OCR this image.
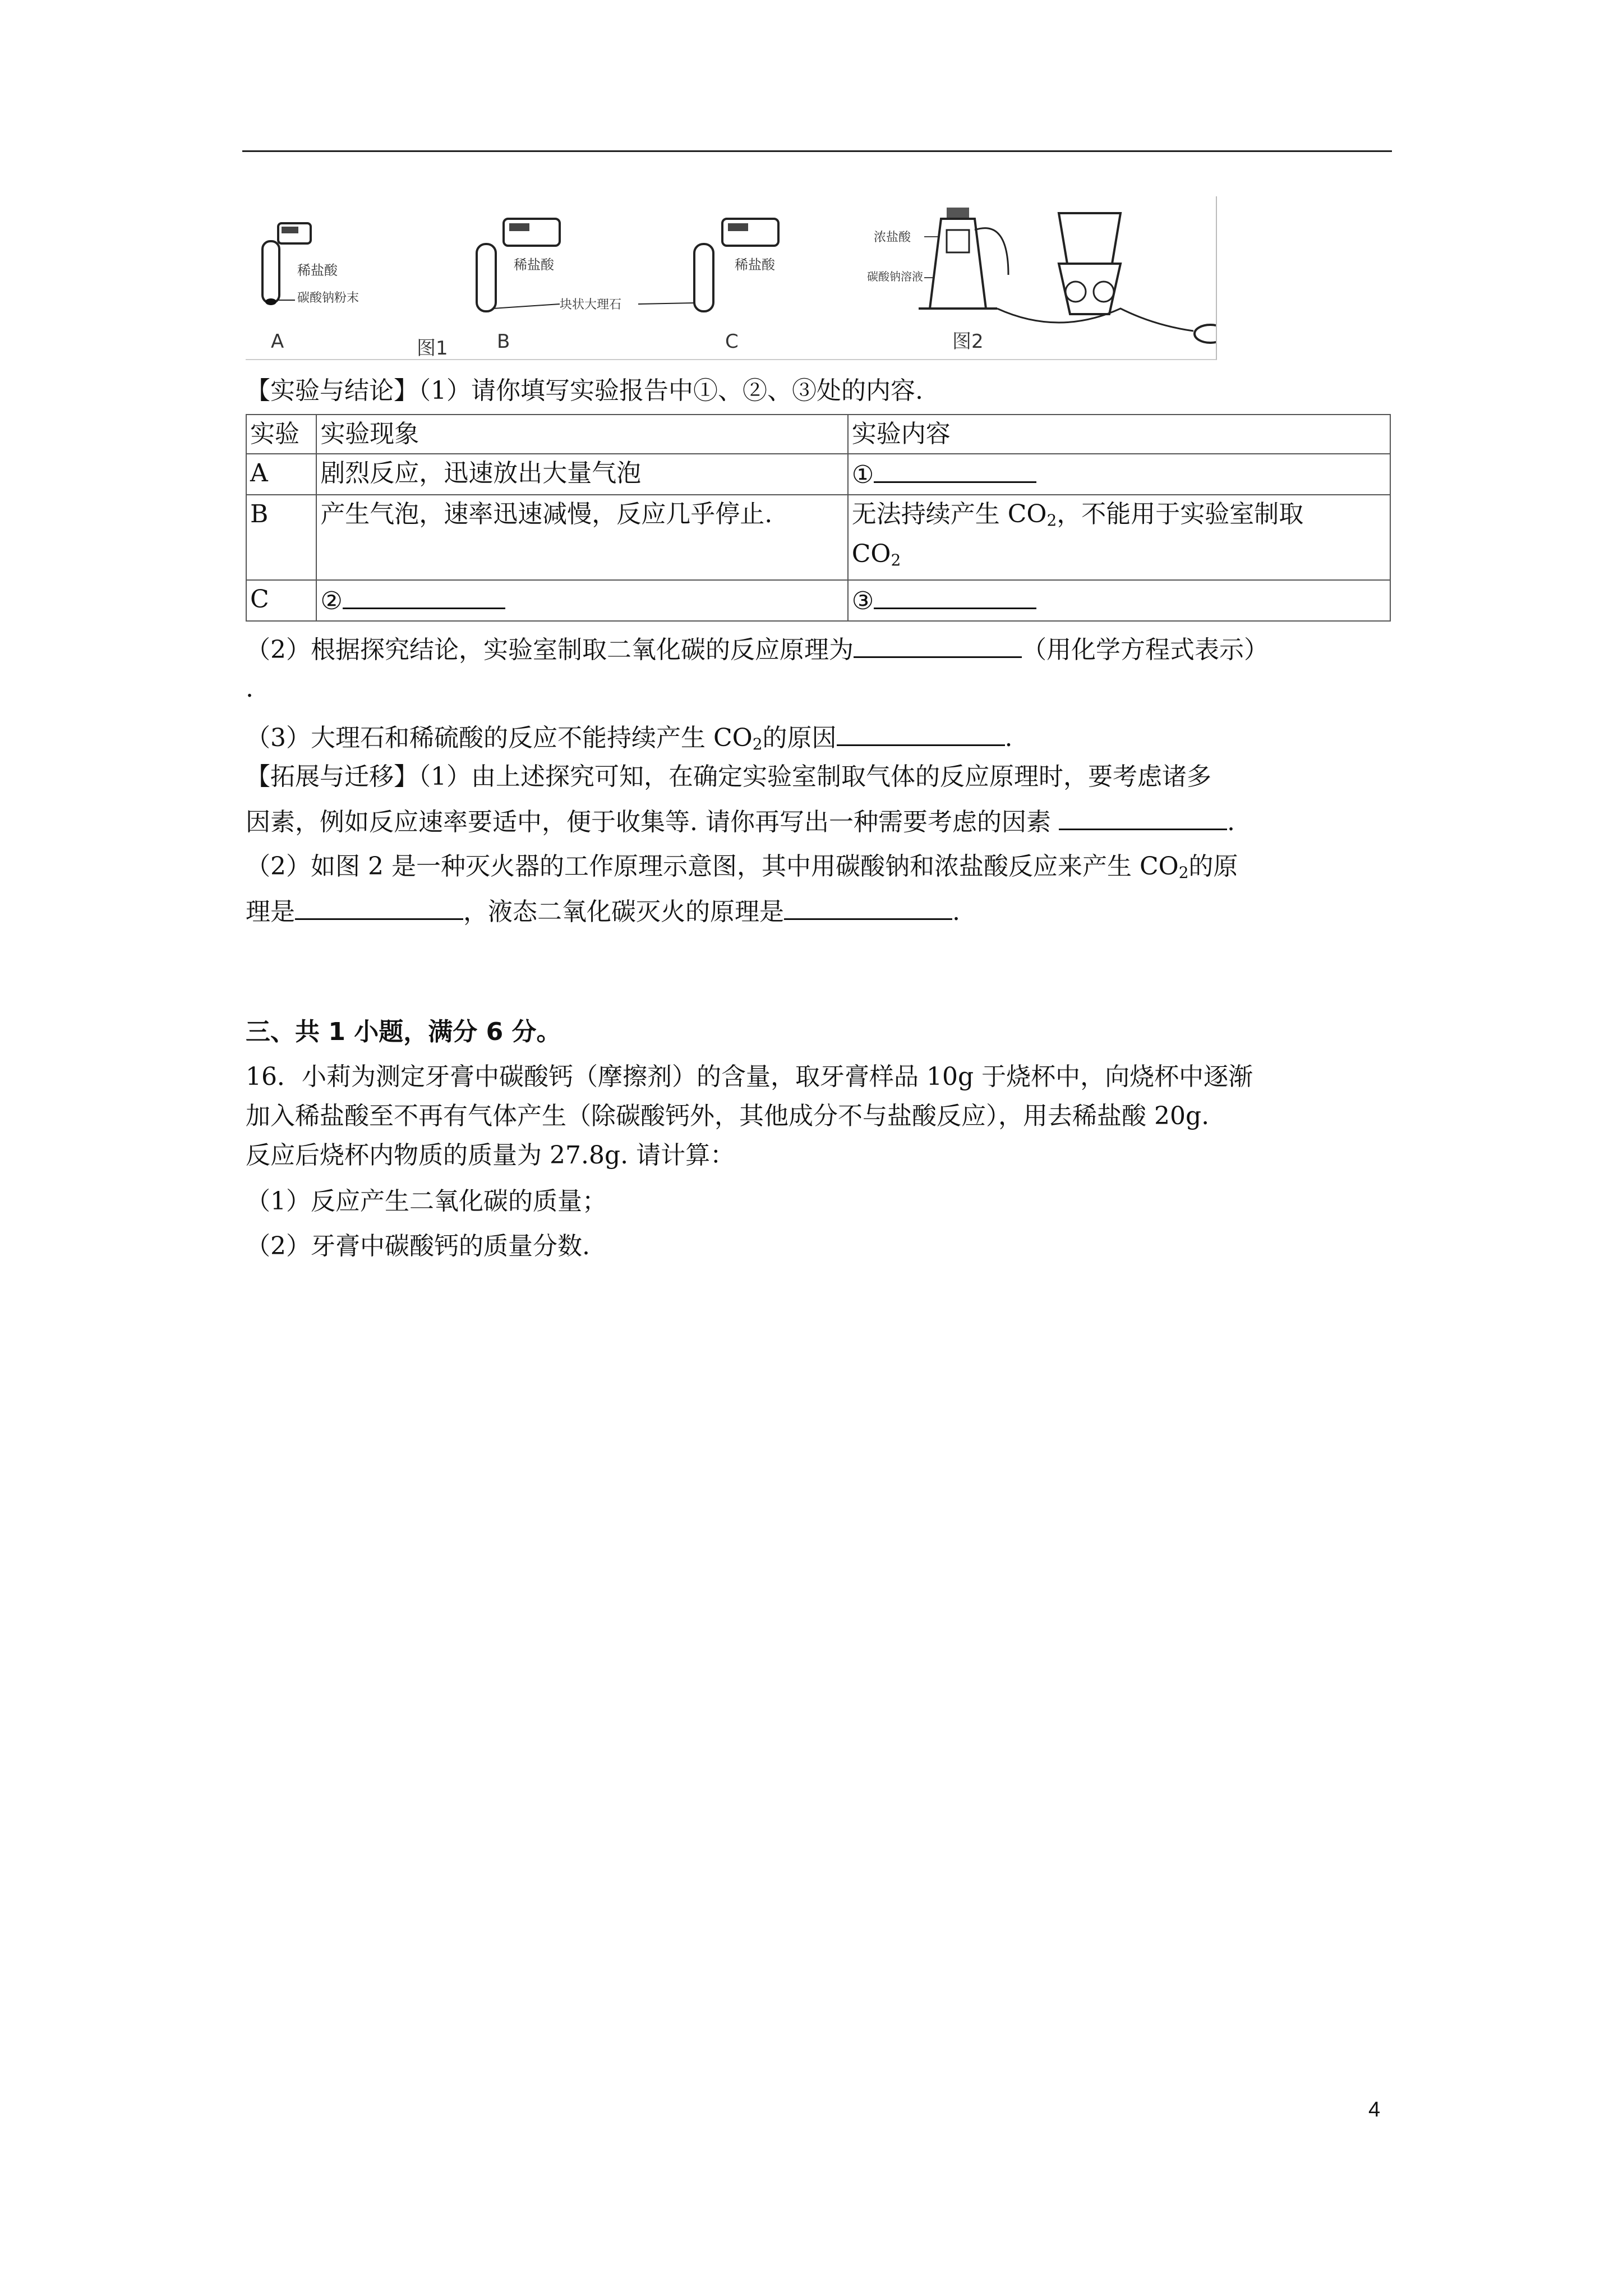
稀盐酸
碳酸钠粉末
A
稀盐酸
块状大理石
B
稀盐酸
C
图1
浓盐酸
碳酸钠溶液
图2
【实验与结论】（1）请你填写实验报告中①、②、③处的内容.
实验	实验现象	实验内容
A	剧烈反应，迅速放出大量气泡	①
B	产生气泡，速率迅速减慢，反应几乎停止.	无法持续产生 $CO_2$，不能用于实验室制取
$CO_2$
C	②	③
（2）根据探究结论，实验室制取二氧化碳的反应原理为	（用化学方程式表示）
.
（3）大理石和稀硫酸的反应不能持续产生 $CO_2$的原因	.
【拓展与迁移】（1）由上述探究可知，在确定实验室制取气体的反应原理时，要考虑诸多
因素，例如反应速率要适中，便于收集等. 请你再写出一种需要考虑的因素	.
（2）如图 2 是一种灭火器的工作原理示意图，其中用碳酸钠和浓盐酸反应来产生 $CO_2$的原
理是	，液态二氧化碳灭火的原理是	.
三、共 1 小题，满分 6 分。
16．小莉为测定牙膏中碳酸钙（摩擦剂）的含量，取牙膏样品 10g 于烧杯中，向烧杯中逐渐
加入稀盐酸至不再有气体产生（除碳酸钙外，其他成分不与盐酸反应），用去稀盐酸 20g.
反应后烧杯内物质的质量为 27.8g. 请计算：
（1）反应产生二氧化碳的质量；
（2）牙膏中碳酸钙的质量分数.
4
